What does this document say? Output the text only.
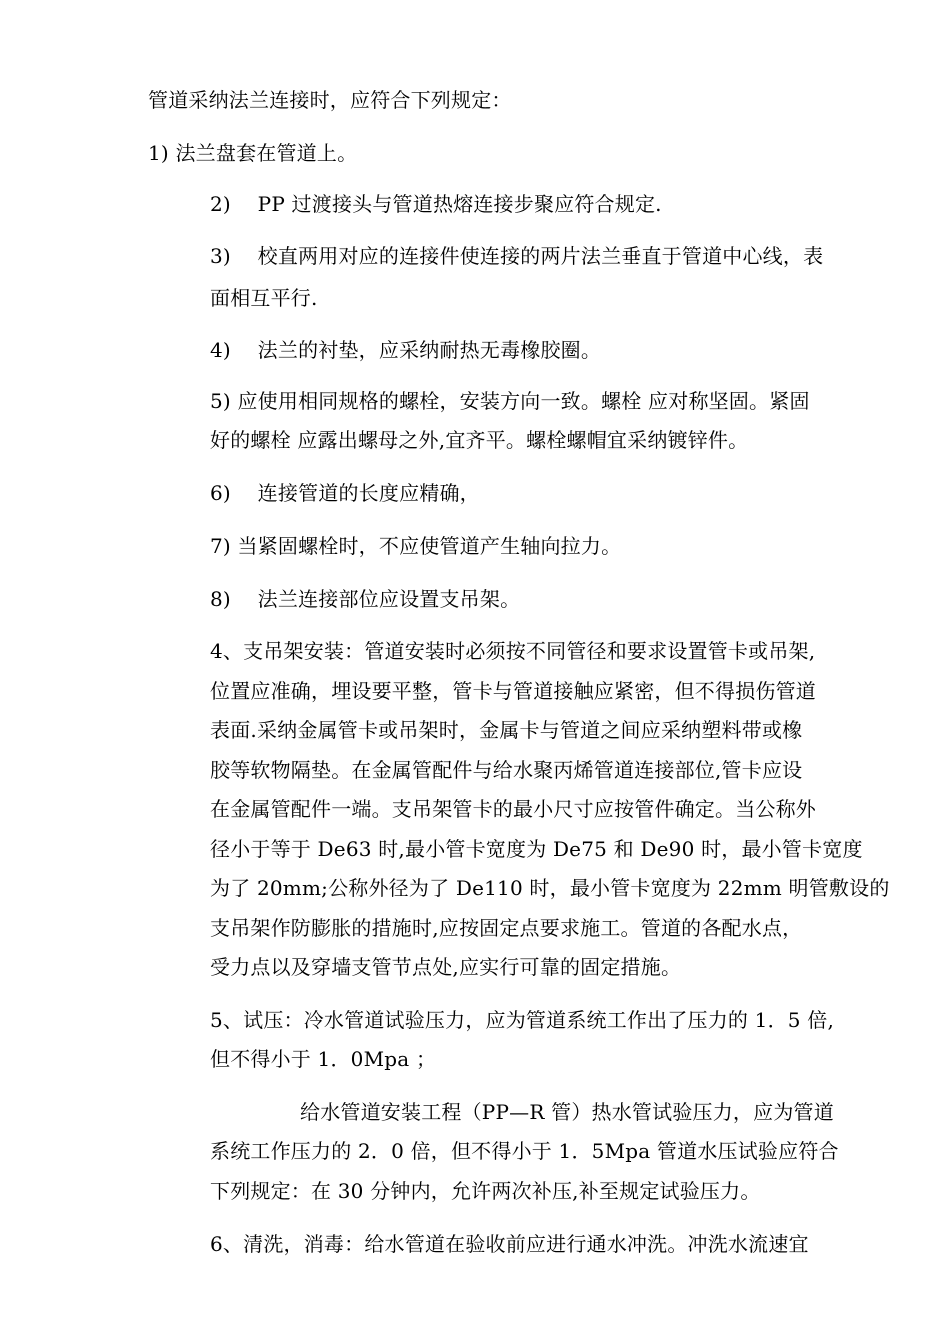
管道采纳法兰连接时，应符合下列规定：
1) 法兰盘套在管道上。
2)　 PP 过渡接头与管道热熔连接步聚应符合规定.
3)　 校直两用对应的连接件使连接的两片法兰垂直于管道中心线，表
面相互平行.
4)　 法兰的衬垫，应采纳耐热无毒橡胶圈。
5) 应使用相同规格的螺栓，安装方向一致。螺栓 应对称坚固。紧固
好的螺栓 应露出螺母之外,宜齐平。螺栓螺帽宜采纳镀锌件。
6)　 连接管道的长度应精确，
7) 当紧固螺栓时，不应使管道产生轴向拉力。
8)　 法兰连接部位应设置支吊架。
4、支吊架安装：管道安装时必须按不同管径和要求设置管卡或吊架,
位置应准确，埋设要平整，管卡与管道接触应紧密，但不得损伤管道
表面.采纳金属管卡或吊架时，金属卡与管道之间应采纳塑料带或橡
胶等软物隔垫。在金属管配件与给水聚丙烯管道连接部位,管卡应设
在金属管配件一端。支吊架管卡的最小尺寸应按管件确定。当公称外
径小于等于 De63 时,最小管卡宽度为 De75 和 De90 时，最小管卡宽度
为了 20mm;公称外径为了 De110 时，最小管卡宽度为 22mm 明管敷设的
支吊架作防膨胀的措施时,应按固定点要求施工。管道的各配水点，
受力点以及穿墙支管节点处,应实行可靠的固定措施。
5、试压：冷水管道试验压力，应为管道系统工作出了压力的 1．5 倍,
但不得小于 1．0Mpa ；
给水管道安装工程（PP—R 管）热水管试验压力，应为管道
系统工作压力的 2．0 倍，但不得小于 1．5Mpa 管道水压试验应符合
下列规定：在 30 分钟内，允许两次补压,补至规定试验压力。
6、清洗，消毒：给水管道在验收前应进行通水冲洗。冲洗水流速宜
